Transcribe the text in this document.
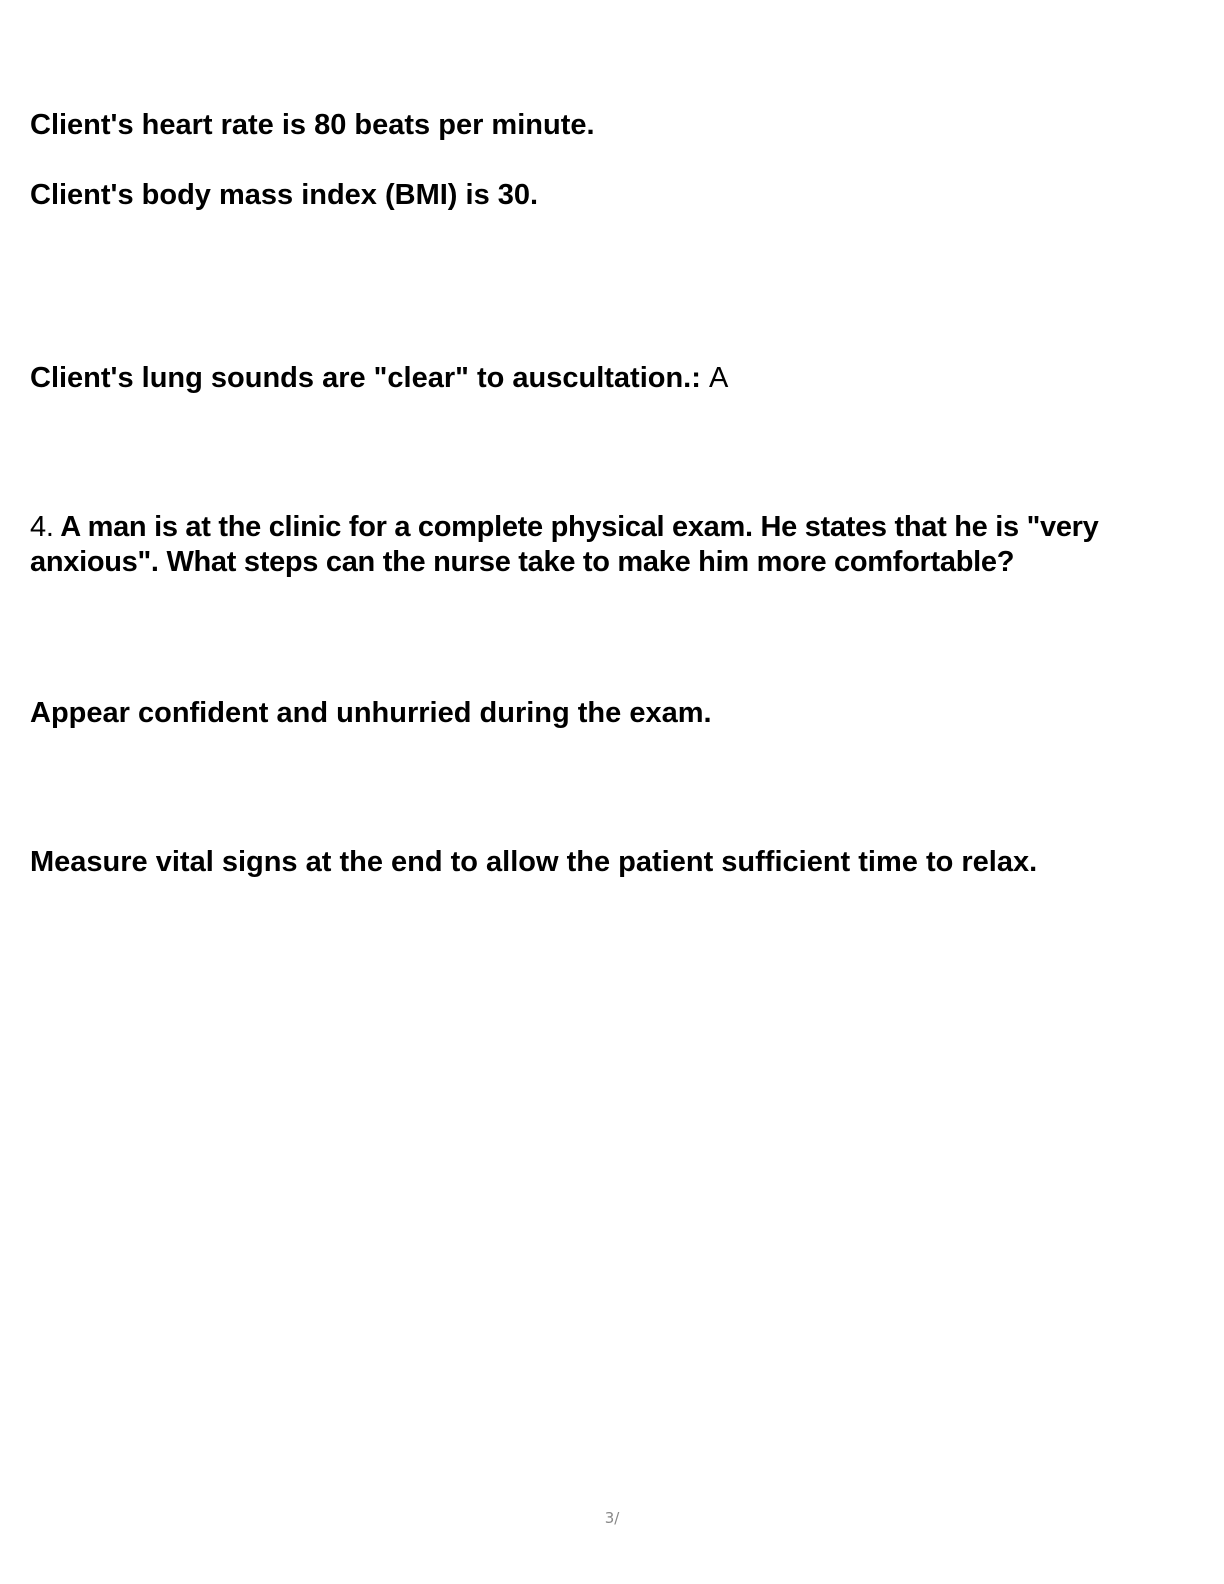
Client's heart rate is 80 beats per minute.

Client's body mass index (BMI) is 30.

Client's lung sounds are "clear" to auscultation.: A

4. A man is at the clinic for a complete physical exam. He states that he is "very
anxious". What steps can the nurse take to make him more comfortable?

Appear confident and unhurried during the exam.

Measure vital signs at the end to allow the patient sufficient time to relax.

3/
